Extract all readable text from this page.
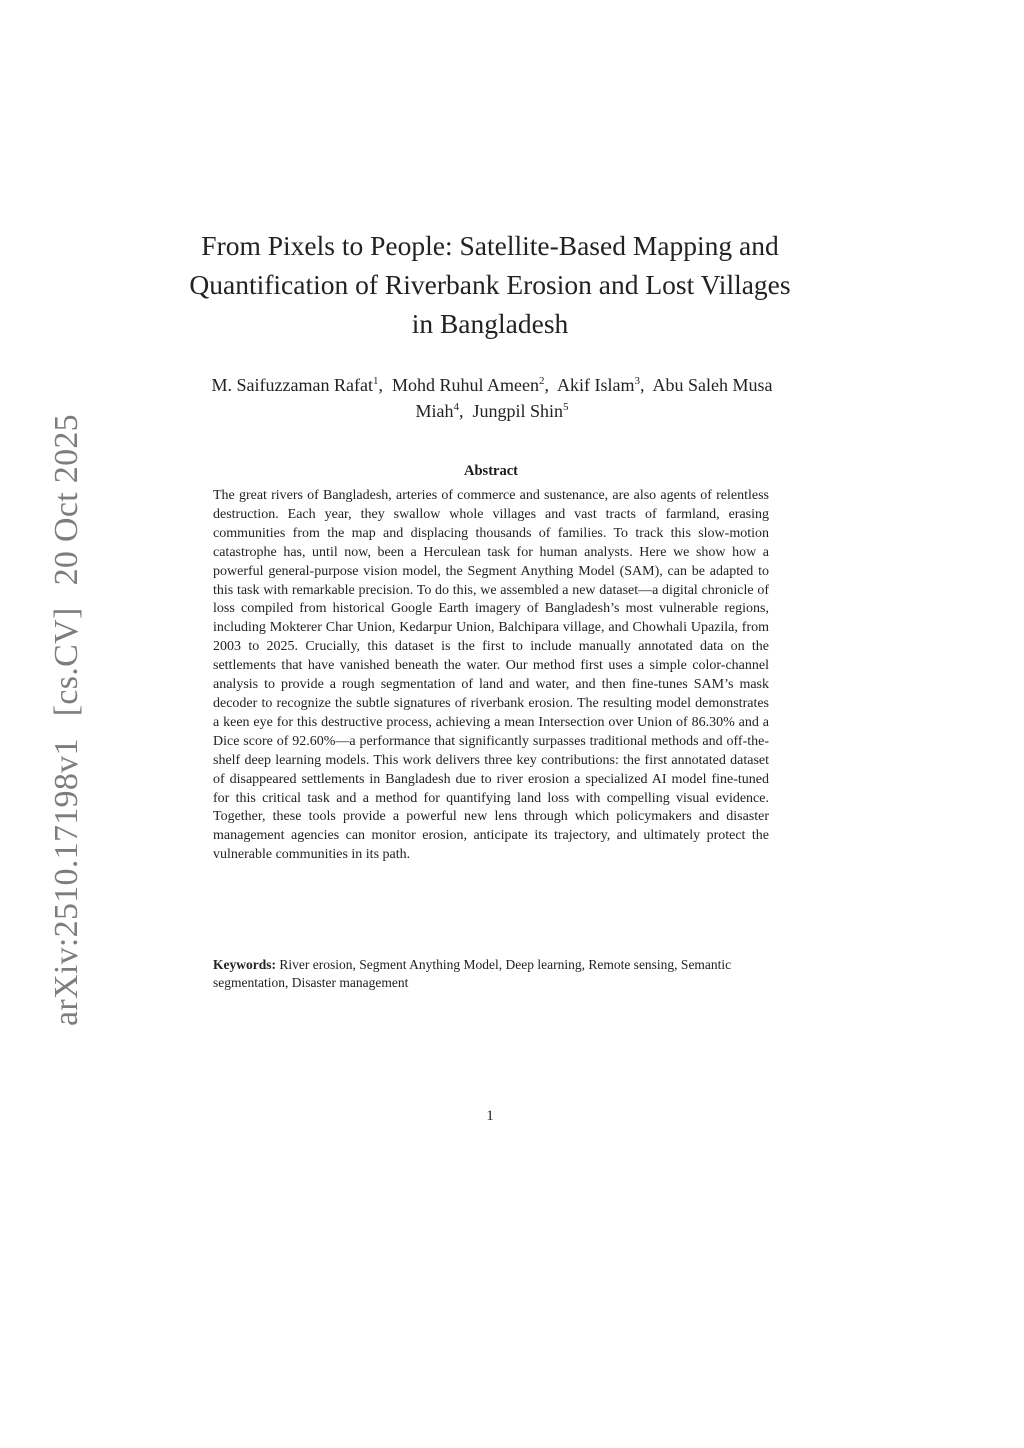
arXiv:2510.17198v1[cs.CV]20 Oct 2025
From Pixels to People: Satellite-Based Mapping and Quantification of Riverbank Erosion and Lost Villages in Bangladesh
M. Saifuzzaman Rafat$^1$,  Mohd Ruhul Ameen$^2$,  Akif Islam$^3$,  Abu Saleh Musa Miah$^4$,  Jungpil Shin$^5$
Abstract

The great rivers of Bangladesh, arteries of commerce and sustenance, are also agents of relentless destruction. Each year, they swallow whole villages and vast tracts of farmland, erasing communities from the map and displacing thousands of families. To track this slow-motion catastrophe has, until now, been a Herculean task for human analysts. Here we show how a powerful general-purpose vision model, the Segment Anything Model (SAM), can be adapted to this task with remarkable precision. To do this, we assembled a new dataset—a digital chronicle of loss compiled from historical Google Earth imagery of Bangladesh’s most vulnerable regions, including Mokterer Char Union, Kedarpur Union, Balchipara village, and Chowhali Upazila, from 2003 to 2025. Crucially, this dataset is the first to include manually annotated data on the settlements that have vanished beneath the water. Our method first uses a simple color-channel analysis to provide a rough segmentation of land and water, and then fine-tunes SAM’s mask decoder to recognize the subtle signatures of riverbank erosion. The resulting model demonstrates a keen eye for this destructive process, achieving a mean Intersection over Union of 86.30% and a Dice score of 92.60%—a performance that significantly surpasses traditional methods and off-the-shelf deep learning models. This work delivers three key contributions: the first annotated dataset of disappeared settlements in Bangladesh due to river erosion a specialized AI model fine-tuned for this critical task and a method for quantifying land loss with compelling visual evidence. Together, these tools provide a powerful new lens through which policymakers and disaster management agencies can monitor erosion, anticipate its trajectory, and ultimately protect the vulnerable communities in its path.

Keywords: River erosion, Segment Anything Model, Deep learning, Remote sensing, Semantic segmentation, Disaster management
1
